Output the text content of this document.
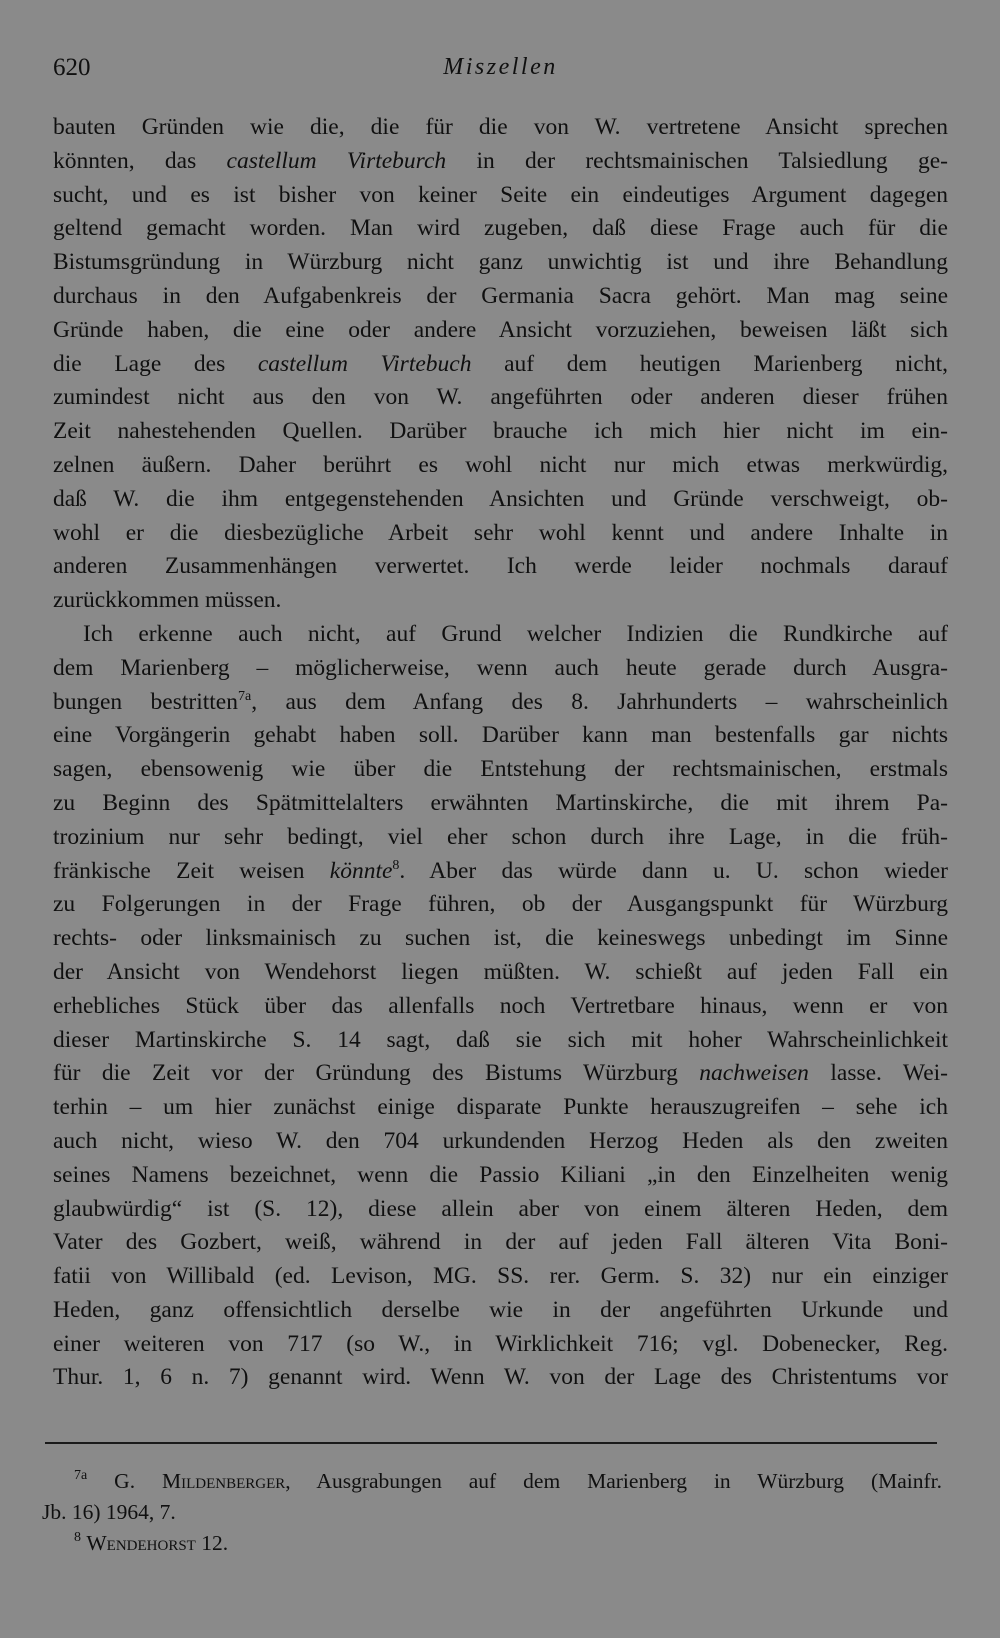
620	Miszellen
bauten Gründen wie die, die für die von W. vertretene Ansicht sprechen
könnten, das castellum Virteburch in der rechtsmainischen Talsiedlung ge-
sucht, und es ist bisher von keiner Seite ein eindeutiges Argument dagegen
geltend gemacht worden. Man wird zugeben, daß diese Frage auch für die
Bistumsgründung in Würzburg nicht ganz unwichtig ist und ihre Behandlung
durchaus in den Aufgabenkreis der Germania Sacra gehört. Man mag seine
Gründe haben, die eine oder andere Ansicht vorzuziehen, beweisen läßt sich
die Lage des castellum Virtebuch auf dem heutigen Marienberg nicht,
zumindest nicht aus den von W. angeführten oder anderen dieser frühen
Zeit nahestehenden Quellen. Darüber brauche ich mich hier nicht im ein-
zelnen äußern. Daher berührt es wohl nicht nur mich etwas merkwürdig,
daß W. die ihm entgegenstehenden Ansichten und Gründe verschweigt, ob-
wohl er die diesbezügliche Arbeit sehr wohl kennt und andere Inhalte in
anderen Zusammenhängen verwertet. Ich werde leider nochmals darauf
zurückkommen müssen.
Ich erkenne auch nicht, auf Grund welcher Indizien die Rundkirche auf
dem Marienberg – möglicherweise, wenn auch heute gerade durch Ausgra-
bungen bestritten$^{7a}$, aus dem Anfang des 8. Jahrhunderts – wahrscheinlich
eine Vorgängerin gehabt haben soll. Darüber kann man bestenfalls gar nichts
sagen, ebensowenig wie über die Entstehung der rechtsmainischen, erstmals
zu Beginn des Spätmittelalters erwähnten Martinskirche, die mit ihrem Pa-
trozinium nur sehr bedingt, viel eher schon durch ihre Lage, in die früh-
fränkische Zeit weisen könnte$^8$. Aber das würde dann u. U. schon wieder
zu Folgerungen in der Frage führen, ob der Ausgangspunkt für Würzburg
rechts- oder linksmainisch zu suchen ist, die keineswegs unbedingt im Sinne
der Ansicht von Wendehorst liegen müßten. W. schießt auf jeden Fall ein
erhebliches Stück über das allenfalls noch Vertretbare hinaus, wenn er von
dieser Martinskirche S. 14 sagt, daß sie sich mit hoher Wahrscheinlichkeit
für die Zeit vor der Gründung des Bistums Würzburg nachweisen lasse. Wei-
terhin – um hier zunächst einige disparate Punkte herauszugreifen – sehe ich
auch nicht, wieso W. den 704 urkundenden Herzog Heden als den zweiten
seines Namens bezeichnet, wenn die Passio Kiliani „in den Einzelheiten wenig
glaubwürdig“ ist (S. 12), diese allein aber von einem älteren Heden, dem
Vater des Gozbert, weiß, während in der auf jeden Fall älteren Vita Boni-
fatii von Willibald (ed. Levison, MG. SS. rer. Germ. S. 32) nur ein einziger
Heden, ganz offensichtlich derselbe wie in der angeführten Urkunde und
einer weiteren von 717 (so W., in Wirklichkeit 716; vgl. Dobenecker, Reg.
Thur. 1, 6 n. 7) genannt wird. Wenn W. von der Lage des Christentums vor
$^{7a}$ G. Mildenberger, Ausgrabungen auf dem Marienberg in Würzburg (Mainfr.
Jb. 16) 1964, 7.
$^8$ Wendehorst 12.
